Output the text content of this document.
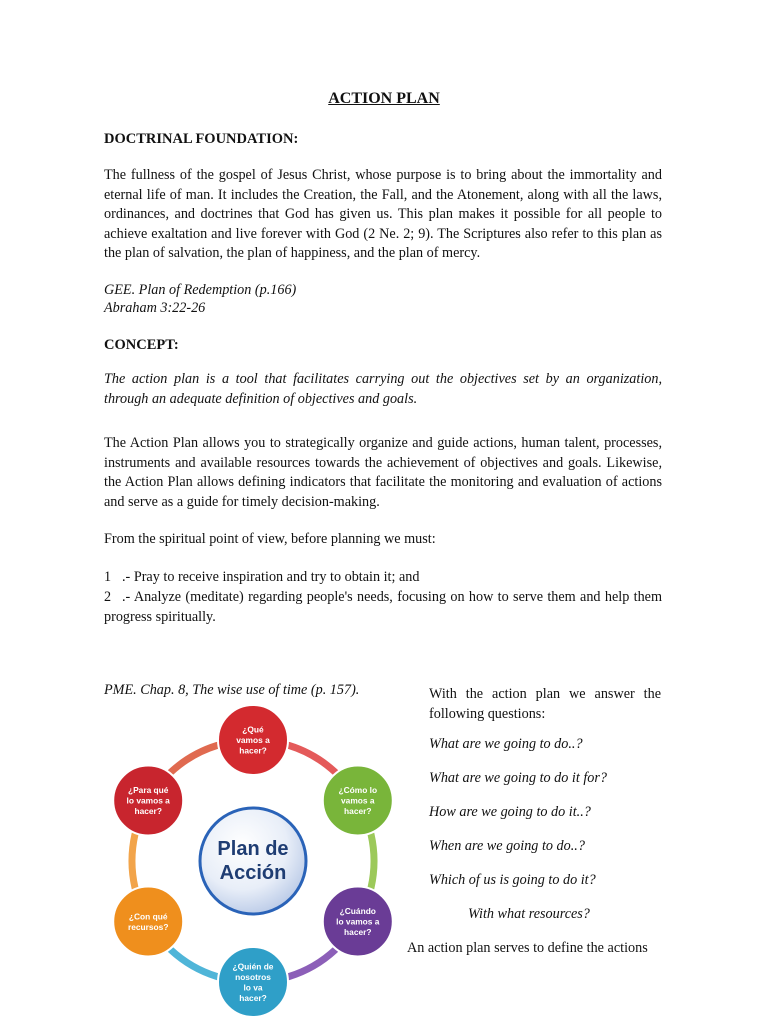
ACTION PLAN
DOCTRINAL FOUNDATION:

The fullness of the gospel of Jesus Christ, whose purpose is to bring about the immortality and eternal life of man. It includes the Creation, the Fall, and the Atonement, along with all the laws, ordinances, and doctrines that God has given us. This plan makes it possible for all people to achieve exaltation and live forever with God (2 Ne. 2; 9). The Scriptures also refer to this plan as the plan of salvation, the plan of happiness, and the plan of mercy.

GEE. Plan of Redemption (p.166)
Abraham 3:22-26
CONCEPT:

The action plan is a tool that facilitates carrying out the objectives set by an organization, through an adequate definition of objectives and goals.

The Action Plan allows you to strategically organize and guide actions, human talent, processes, instruments and available resources towards the achievement of objectives and goals. Likewise, the Action Plan allows defining indicators that facilitate the monitoring and evaluation of actions and serve as a guide for timely decision-making.

From the spiritual point of view, before planning we must:

1 .- Pray to receive inspiration and try to obtain it; and
2 .- Analyze (meditate) regarding people's needs, focusing on how to serve them and help them progress spiritually.
PME. Chap. 8, The wise use of time (p. 157).	With the action plan we answer the following questions:

What are we going to do..?
What are we going to do it for?
How are we going to do it..?
When are we going to do..?
Which of us is going to do it?
With what resources?
An action plan serves to define the actions
Plan de
Acción
¿Qué
vamos a
hacer?
¿Cómo lo
vamos a
hacer?
¿Cuándo
lo vamos a
hacer?
¿Quién de
nosotros
lo va
hacer?
¿Con qué
recursos?
¿Para qué
lo vamos a
hacer?
